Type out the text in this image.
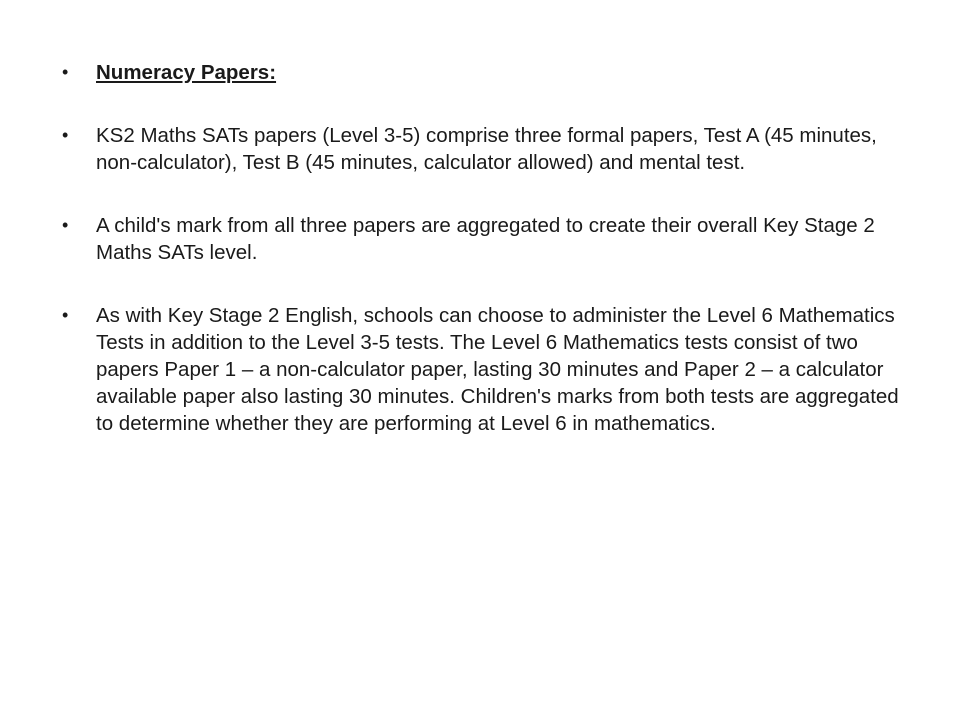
• Numeracy Papers:
• KS2 Maths SATs papers (Level 3-5) comprise three formal papers, Test A (45 minutes, non-calculator), Test B (45 minutes, calculator allowed) and mental test.
• A child's mark from all three papers are aggregated to create their overall Key Stage 2 Maths SATs level.
• As with Key Stage 2 English, schools can choose to administer the Level 6 Mathematics Tests in addition to the Level 3-5 tests. The Level 6 Mathematics tests consist of two papers Paper 1 – a non-calculator paper, lasting 30 minutes and Paper 2 – a calculator available paper also lasting 30 minutes. Children's marks from both tests are aggregated to determine whether they are performing at Level 6 in mathematics.
